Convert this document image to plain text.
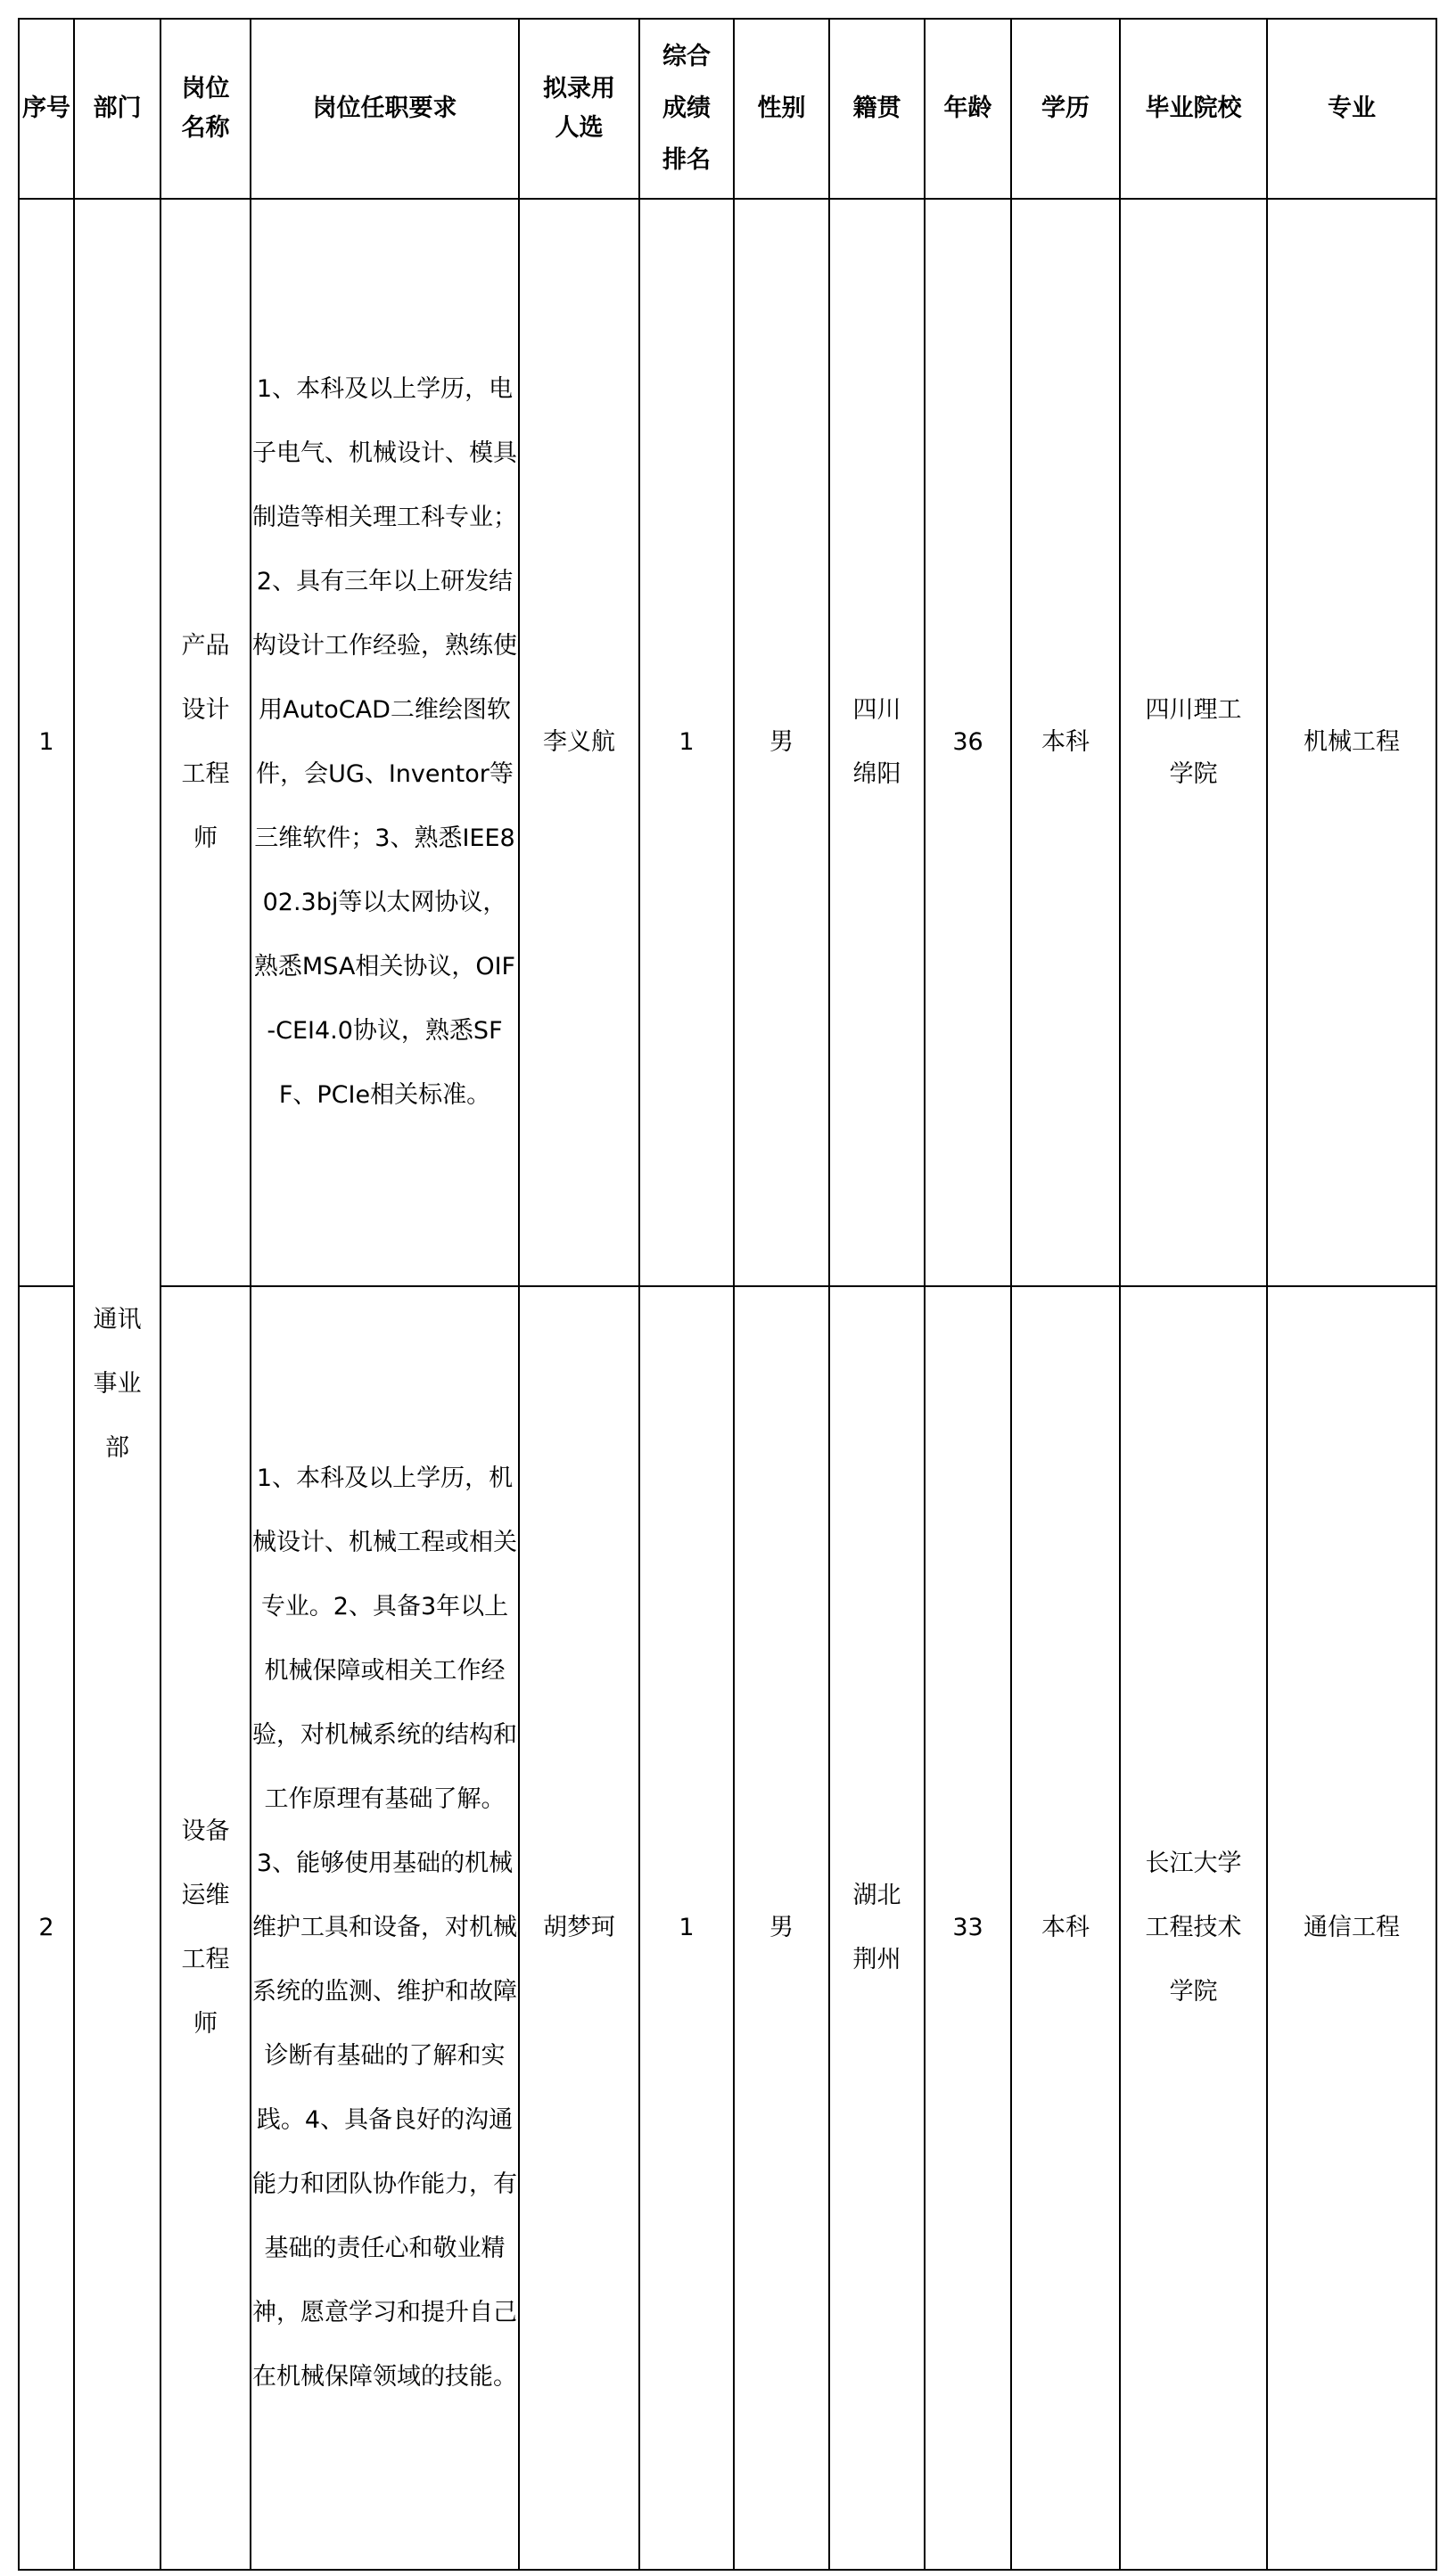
序号	部门	岗位
名称	岗位任职要求	拟录用
人选	综合
成绩
排名	性别	籍贯	年龄	学历	毕业院校	专业
1	通讯
事业
部	产品
设计
工程
师	1、本科及以上学历，电子电气、机械设计、模具制造等相关理工科专业；2、具有三年以上研发结构设计工作经验，熟练使用AutoCAD二维绘图软件，会UG、Inventor等三维软件；3、熟悉IEE802.3bj等以太网协议，熟悉MSA相关协议，OIF-CEI4.0协议，熟悉SFF、PCIe相关标准。	李义航	1	男	四川
绵阳	36	本科	四川理工
学院	机械工程
2		设备
运维
工程
师	1、本科及以上学历，机械设计、机械工程或相关专业。2、具备3年以上机械保障或相关工作经验，对机械系统的结构和工作原理有基础了解。3、能够使用基础的机械维护工具和设备，对机械系统的监测、维护和故障诊断有基础的了解和实践。4、具备良好的沟通能力和团队协作能力，有基础的责任心和敬业精神，愿意学习和提升自己在机械保障领域的技能。	胡梦珂	1	男	湖北
荆州	33	本科	长江大学
工程技术
学院	通信工程
